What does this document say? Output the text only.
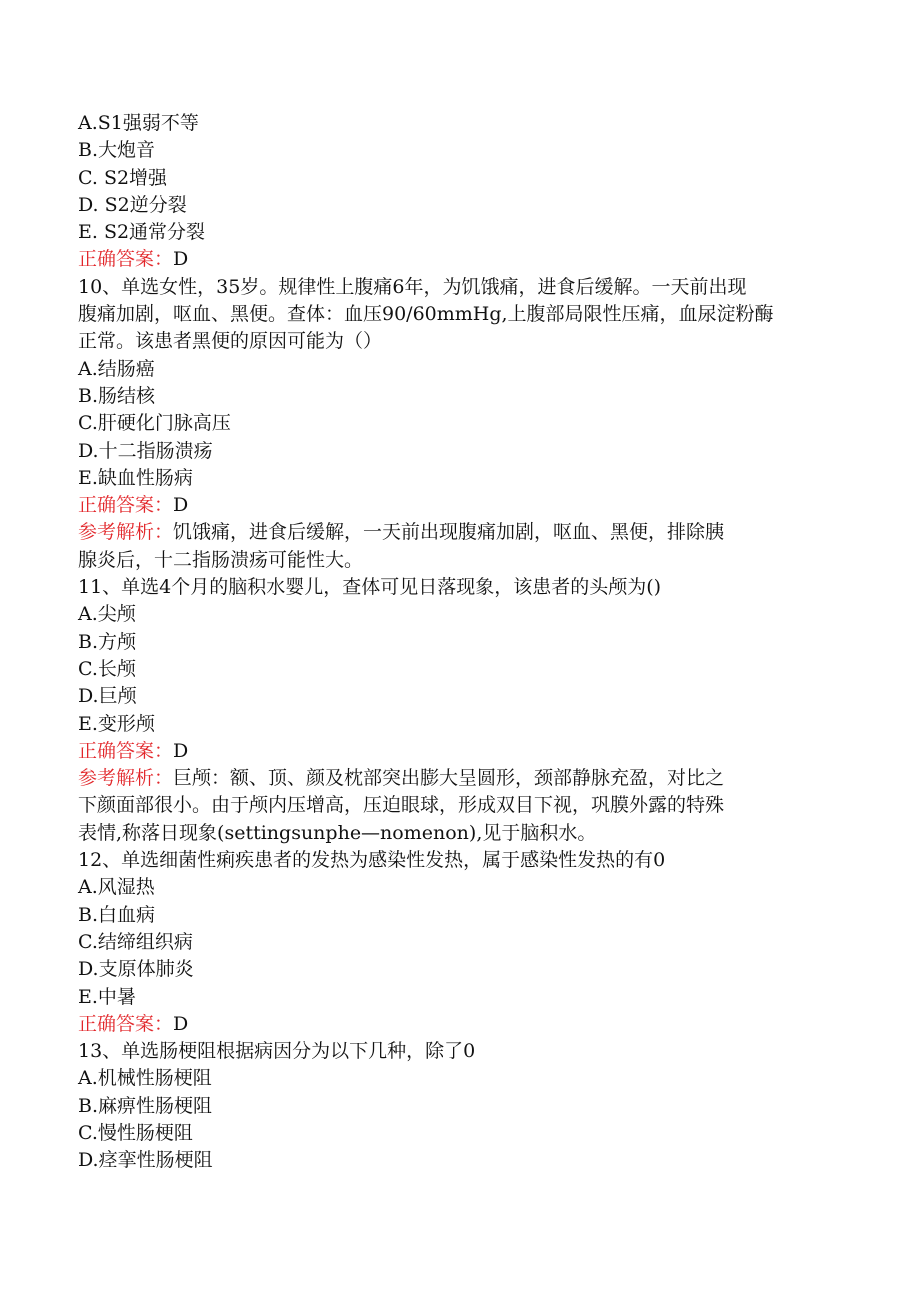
A.S1强弱不等

B.大炮音

C. S2增强

D. S2逆分裂

E. S2通常分裂

正确答案：D

10、单选女性，35岁。规律性上腹痛6年，为饥饿痛，进食后缓解。一天前出现

腹痛加剧，呕血、黑便。查体：血压90/60mmHg,上腹部局限性压痛，血尿淀粉酶

正常。该患者黑便的原因可能为（）

A.结肠癌

B.肠结核

C.肝硬化门脉高压

D.十二指肠溃疡

E.缺血性肠病

正确答案：D

参考解析：饥饿痛，进食后缓解，一天前出现腹痛加剧，呕血、黑便，排除胰

腺炎后，十二指肠溃疡可能性大。

11、单选4个月的脑积水婴儿，查体可见日落现象，该患者的头颅为()

A.尖颅

B.方颅

C.长颅

D.巨颅

E.变形颅

正确答案：D

参考解析：巨颅：额、顶、颜及枕部突出膨大呈圆形，颈部静脉充盈，对比之

下颜面部很小。由于颅内压增高，压迫眼球，形成双目下视，巩膜外露的特殊

表情,称落日现象(settingsunphe—nomenon),见于脑积水。

12、单选细菌性痢疾患者的发热为感染性发热，属于感染性发热的有0

A.风湿热

B.白血病

C.结缔组织病

D.支原体肺炎

E.中暑

正确答案：D

13、单选肠梗阻根据病因分为以下几种，除了0

A.机械性肠梗阻

B.麻痹性肠梗阻

C.慢性肠梗阻

D.痉挛性肠梗阻
